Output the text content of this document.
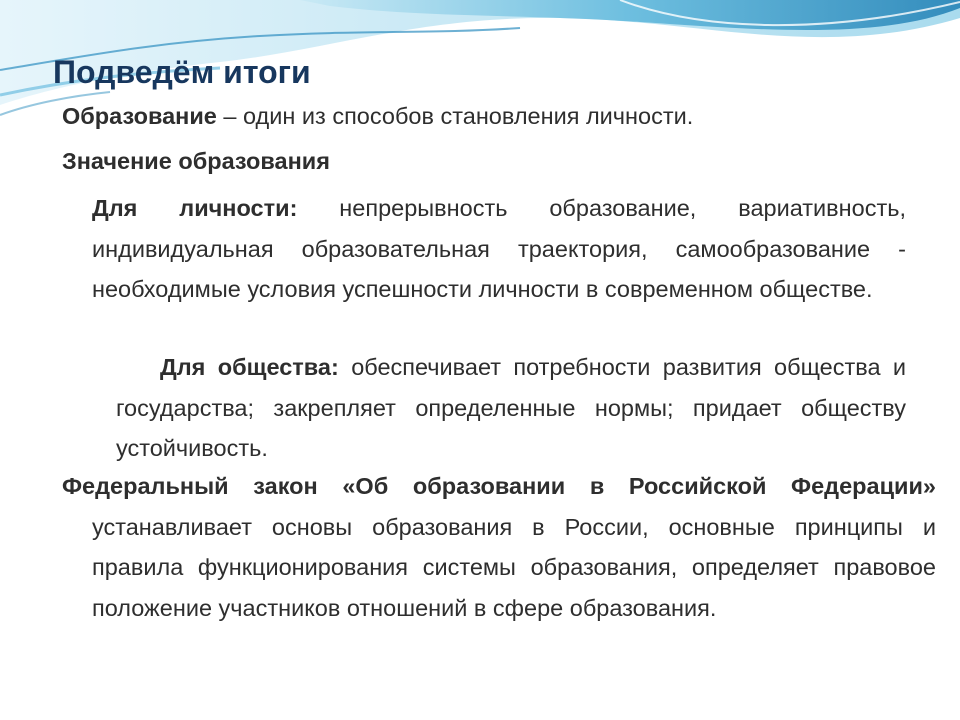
Подведём итоги

Образование – один из способов становления личности.

Значение образования

Для личности: непрерывность образование, вариативность, индивидуальная образовательная траектория, самообразование - необходимые условия успешности личности в современном обществе.

Для общества: обеспечивает потребности развития общества и государства; закрепляет определенные нормы; придает обществу устойчивость.

Федеральный закон «Об образовании в Российской Федерации» устанавливает основы образования в России, основные принципы и правила функционирования системы образования, определяет правовое положение участников отношений в сфере образования.
